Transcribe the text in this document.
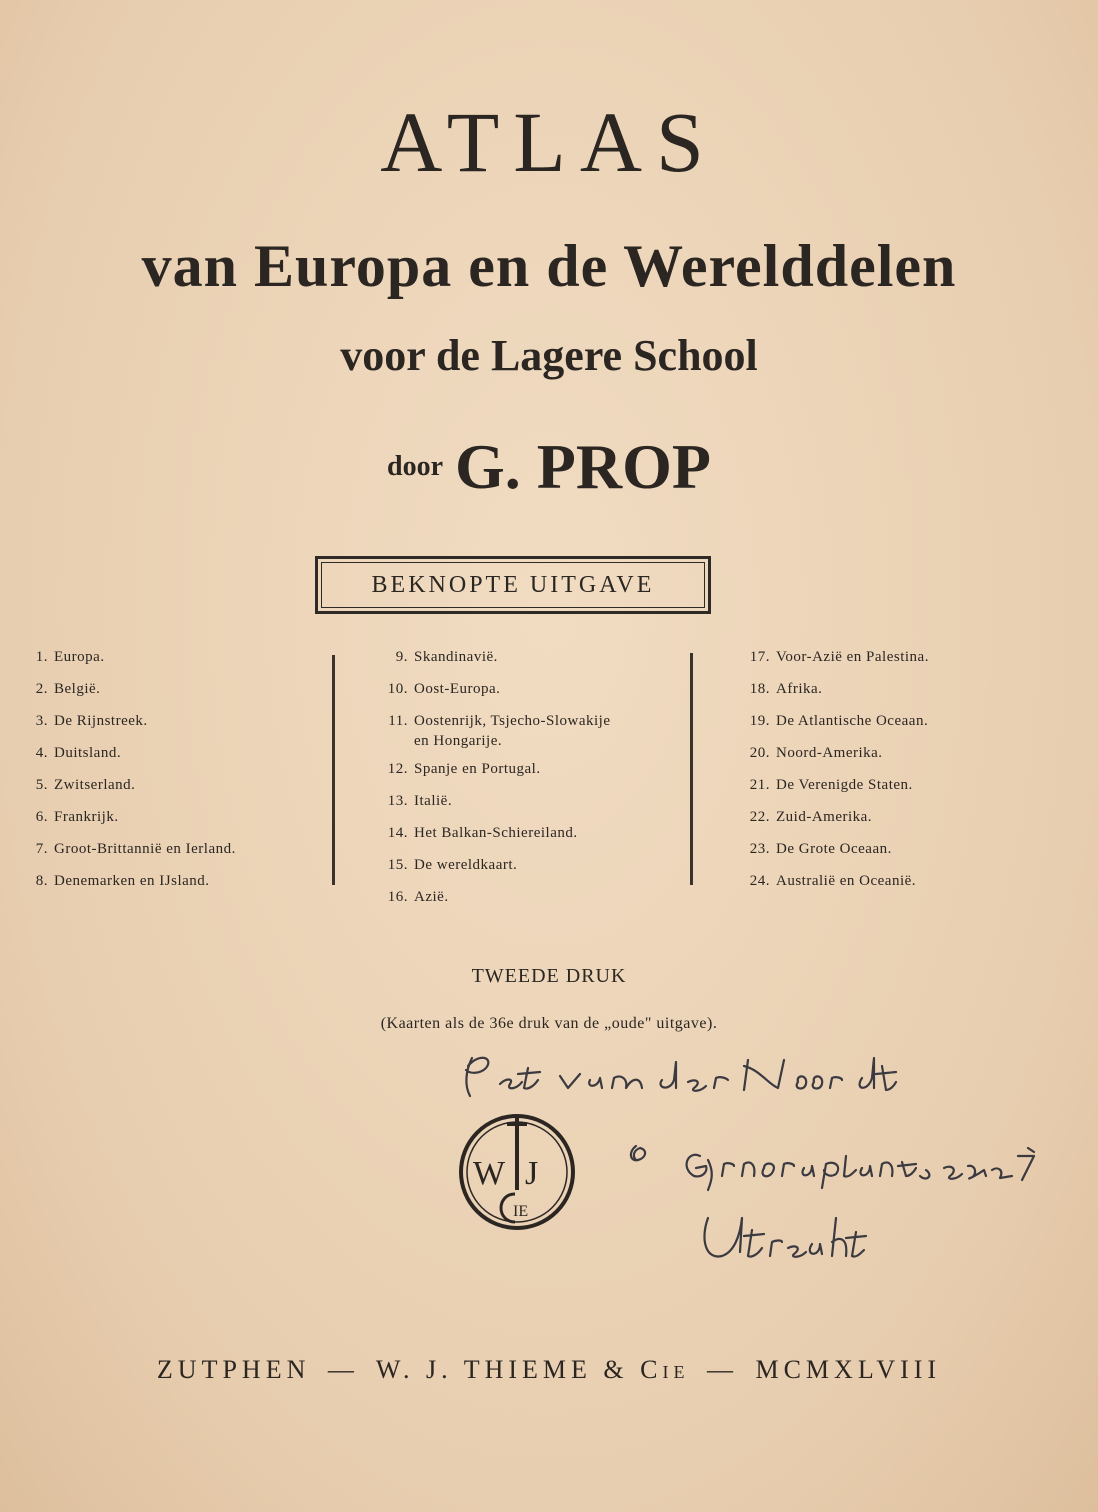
ATLAS
van Europa en de Werelddelen
voor de Lagere School
door G. PROP
BEKNOPTE UITGAVE
1. Europa.
2. België.
3. De Rijnstreek.
4. Duitsland.
5. Zwitserland.
6. Frankrijk.
7. Groot-Brittannië en Ierland.
8. Denemarken en IJsland.
9. Skandinavië.
10. Oost-Europa.
11. Oostenrijk, Tsjecho-Slowakije
en Hongarije.
12. Spanje en Portugal.
13. Italië.
14. Het Balkan-Schiereiland.
15. De wereldkaart.
16. Azië.
17. Voor-Azië en Palestina.
18. Afrika.
19. De Atlantische Oceaan.
20. Noord-Amerika.
21. De Verenigde Staten.
22. Zuid-Amerika.
23. De Grote Oceaan.
24. Australië en Oceanië.
TWEEDE DRUK
(Kaarten als de 36e druk van de „oude" uitgave).
W J
IE
ZUTPHEN — W. J. THIEME & CIE — MCMXLVIII
